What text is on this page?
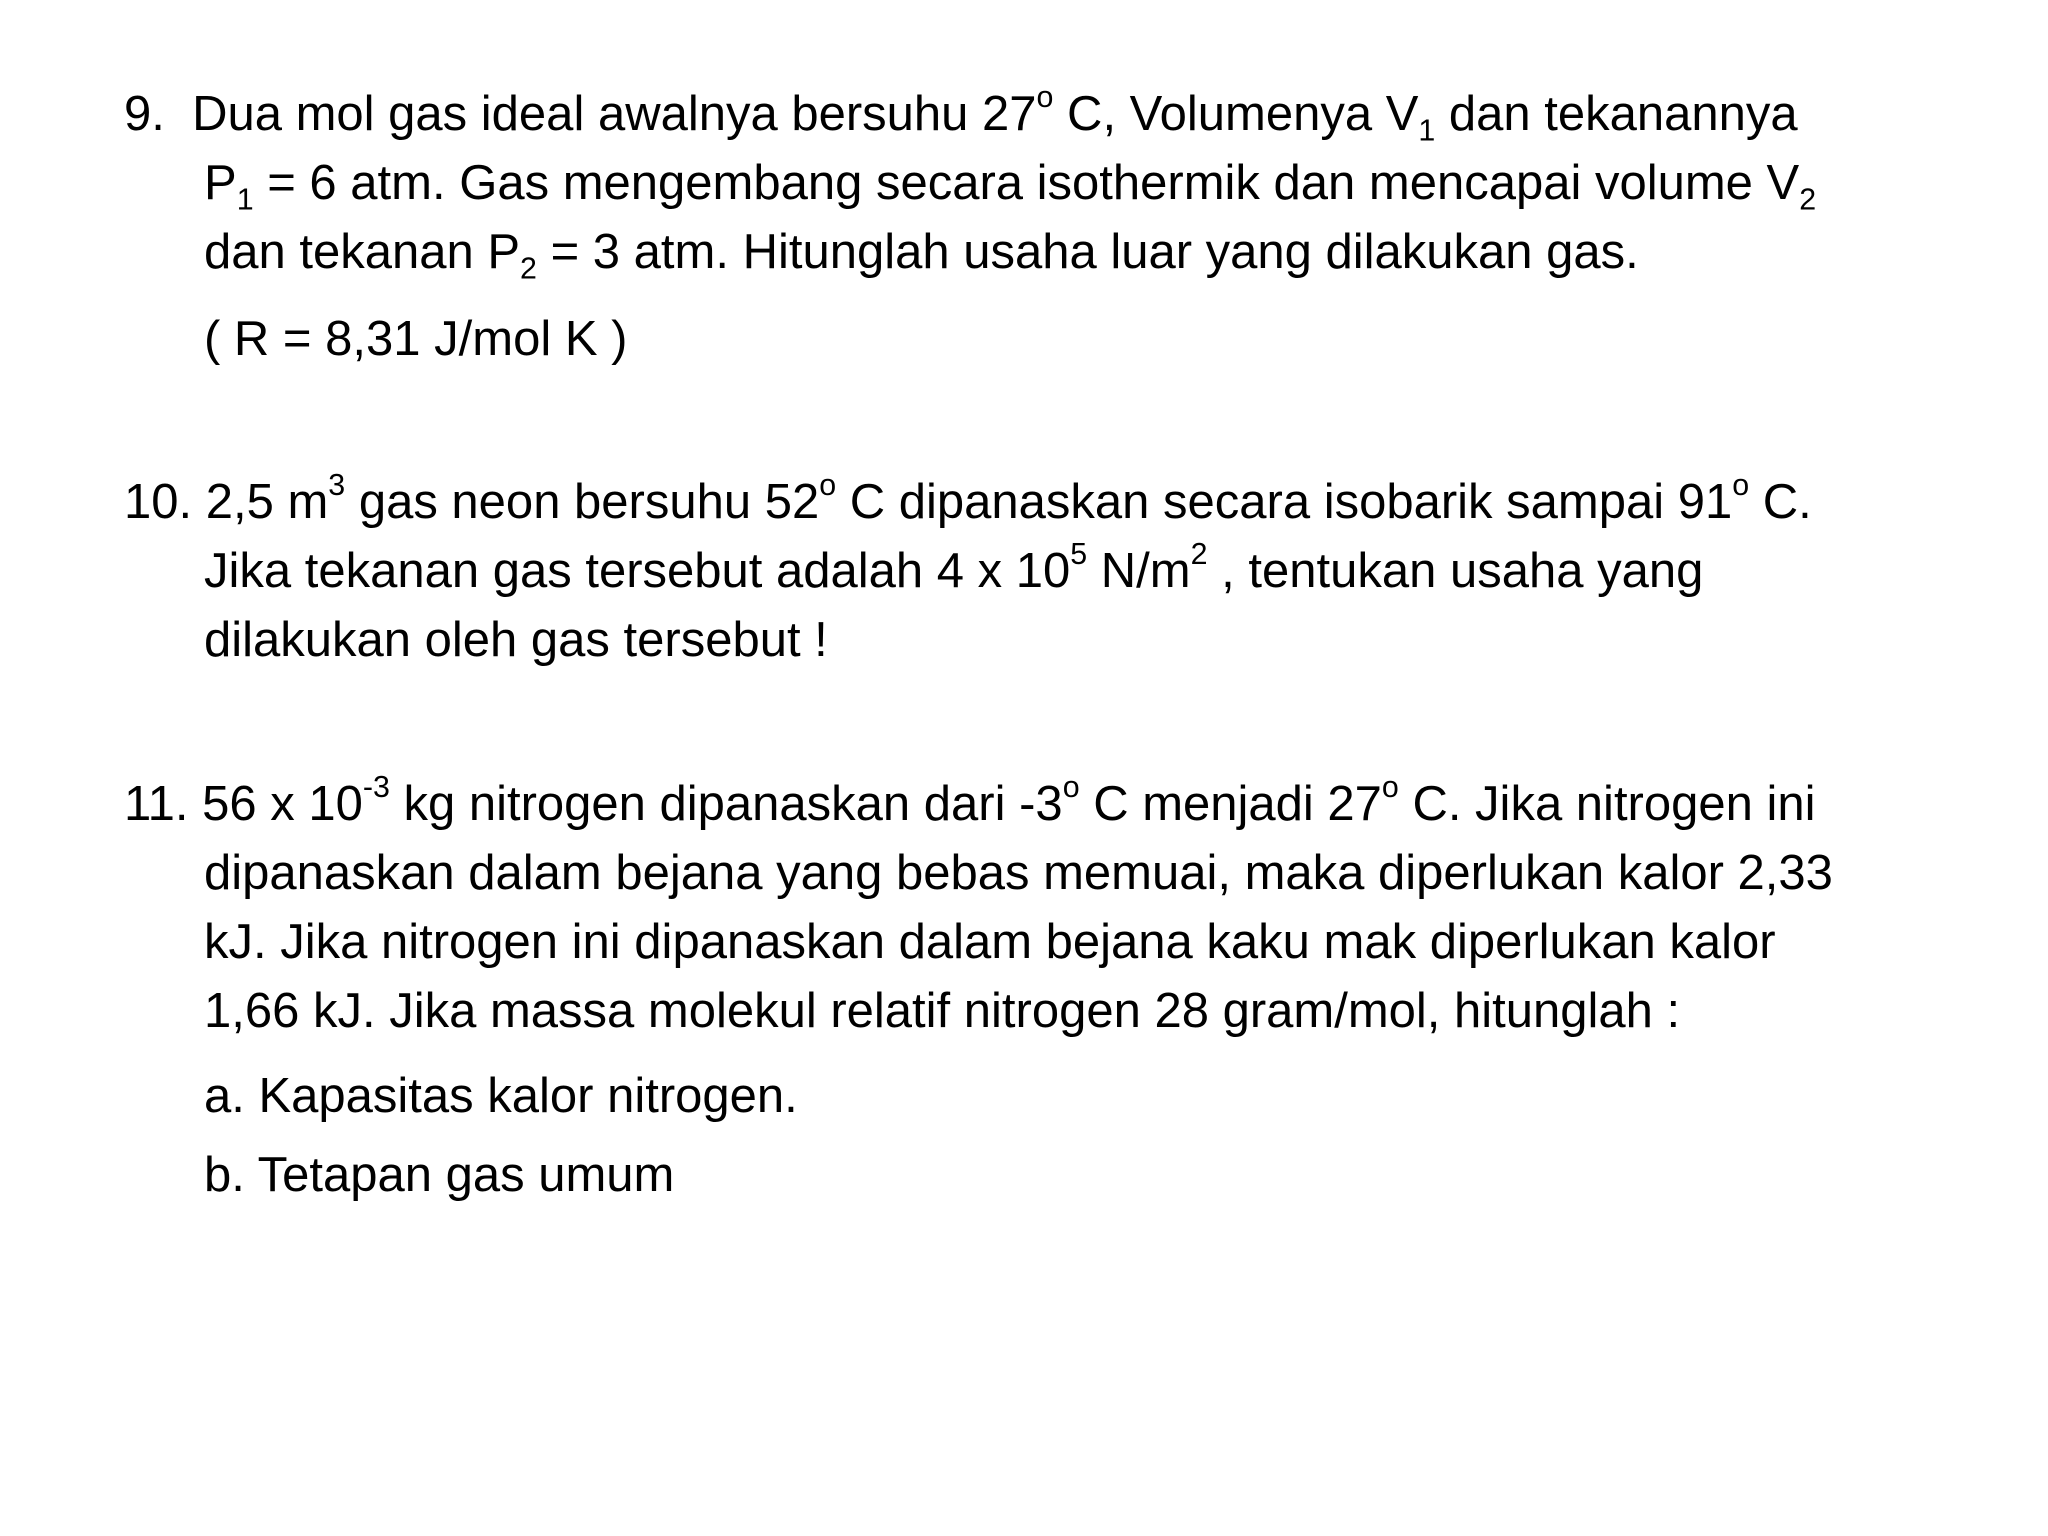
9. Dua mol gas ideal awalnya bersuhu 27$^o$ C, Volumenya $V_1$ dan tekanannya
$P_1 = 6$ atm. Gas mengembang secara isothermik dan mencapai volume $V_2$
dan tekanan $P_2 = 3$ atm. Hitunglah usaha luar yang dilakukan gas.
( R = 8,31 J/mol K )
10. 2,5 $m^3$ gas neon bersuhu 52$^o$ C dipanaskan secara isobarik sampai 91$^o$ C.
Jika tekanan gas tersebut adalah 4 x $10^5$ $N/m^2$ , tentukan usaha yang
dilakukan oleh gas tersebut !
11. 56 x $10^{-3}$ kg nitrogen dipanaskan dari -3$^o$ C menjadi 27$^o$ C. Jika nitrogen ini
dipanaskan dalam bejana yang bebas memuai, maka diperlukan kalor 2,33
kJ. Jika nitrogen ini dipanaskan dalam bejana kaku mak diperlukan kalor
1,66 kJ. Jika massa molekul relatif nitrogen 28 gram/mol, hitunglah :
a. Kapasitas kalor nitrogen.
b. Tetapan gas umum
